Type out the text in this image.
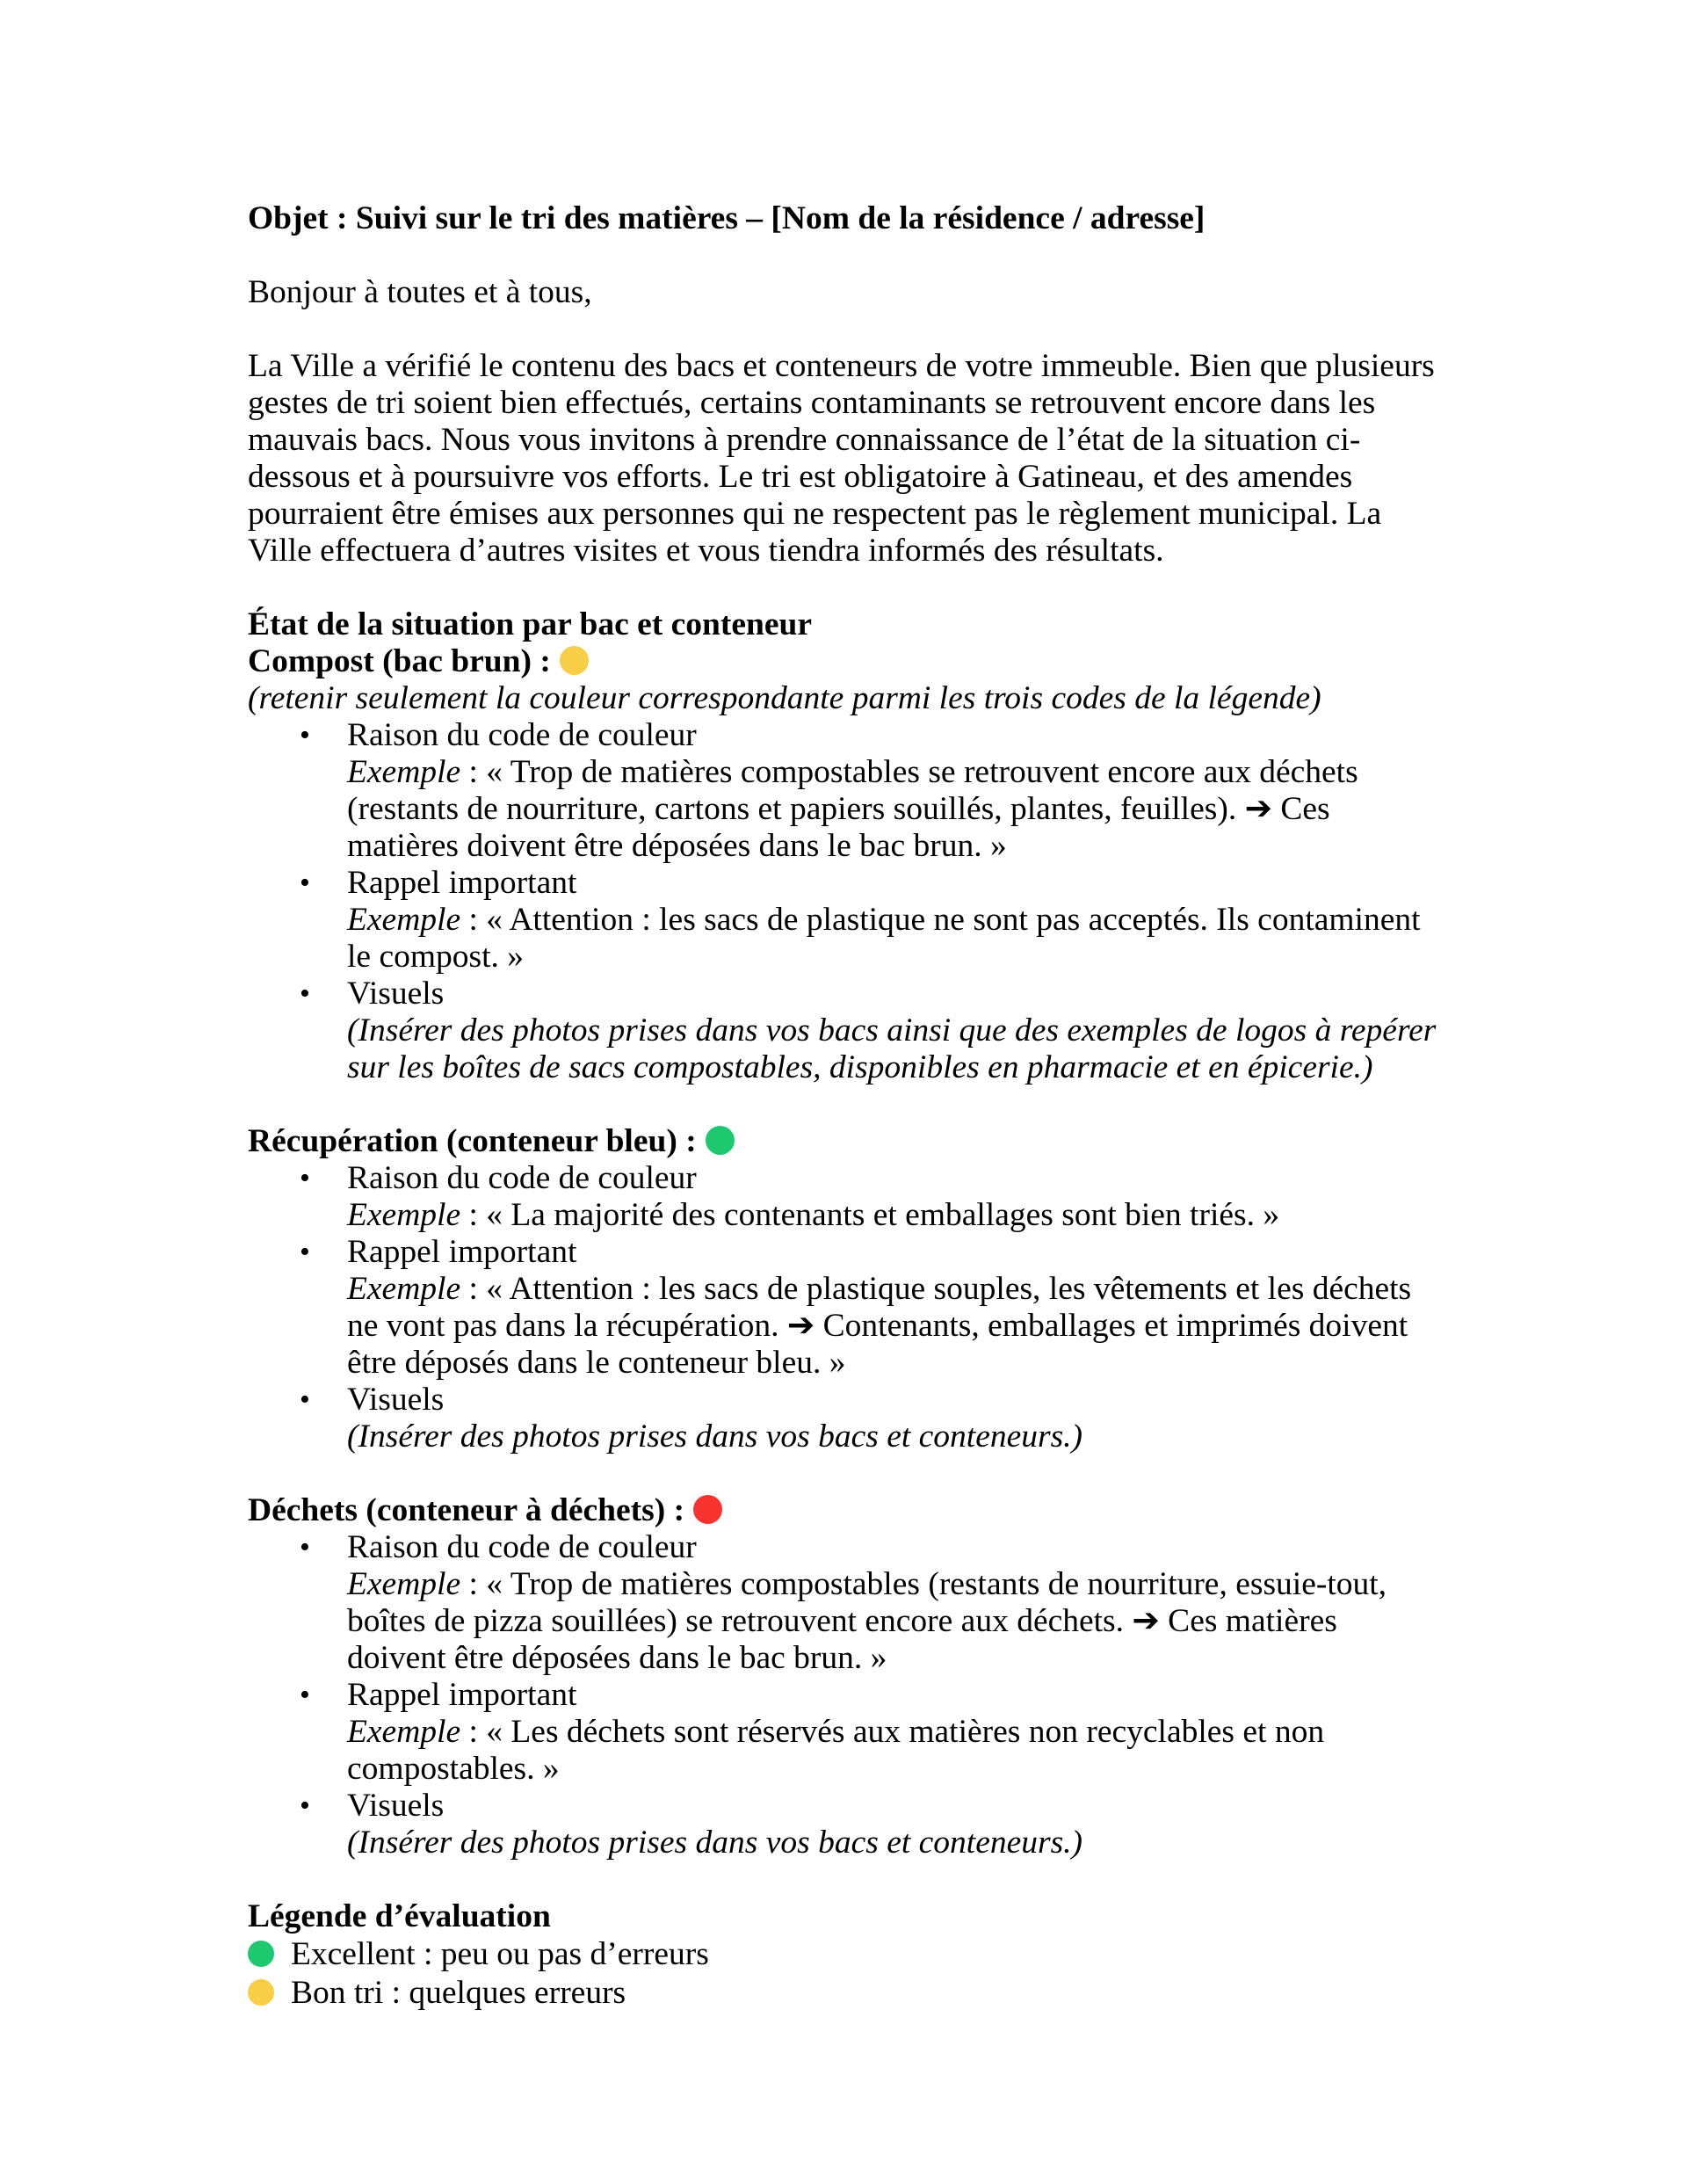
Objet : Suivi sur le tri des matières – [Nom de la résidence / adresse]

Bonjour à toutes et à tous,

La Ville a vérifié le contenu des bacs et conteneurs de votre immeuble. Bien que plusieurs gestes de tri soient bien effectués, certains contaminants se retrouvent encore dans les mauvais bacs. Nous vous invitons à prendre connaissance de l’état de la situation ci-dessous et à poursuivre vos efforts. Le tri est obligatoire à Gatineau, et des amendes pourraient être émises aux personnes qui ne respectent pas le règlement municipal. La Ville effectuera d’autres visites et vous tiendra informés des résultats.

État de la situation par bac et conteneur

Compost (bac brun) :

(retenir seulement la couleur correspondante parmi les trois codes de la légende)

• Raison du code de couleur
Exemple : « Trop de matières compostables se retrouvent encore aux déchets (restants de nourriture, cartons et papiers souillés, plantes, feuilles). ➔ Ces matières doivent être déposées dans le bac brun. »
• Rappel important
Exemple : « Attention : les sacs de plastique ne sont pas acceptés. Ils contaminent le compost. »
• Visuels
(Insérer des photos prises dans vos bacs ainsi que des exemples de logos à repérer sur les boîtes de sacs compostables, disponibles en pharmacie et en épicerie.)

Récupération (conteneur bleu) :

• Raison du code de couleur
Exemple : « La majorité des contenants et emballages sont bien triés. »
• Rappel important
Exemple : « Attention : les sacs de plastique souples, les vêtements et les déchets ne vont pas dans la récupération. ➔ Contenants, emballages et imprimés doivent être déposés dans le conteneur bleu. »
• Visuels
(Insérer des photos prises dans vos bacs et conteneurs.)

Déchets (conteneur à déchets) :

• Raison du code de couleur
Exemple : « Trop de matières compostables (restants de nourriture, essuie-tout, boîtes de pizza souillées) se retrouvent encore aux déchets. ➔ Ces matières doivent être déposées dans le bac brun. »
• Rappel important
Exemple : « Les déchets sont réservés aux matières non recyclables et non compostables. »
• Visuels
(Insérer des photos prises dans vos bacs et conteneurs.)

Légende d’évaluation

Excellent : peu ou pas d’erreurs

Bon tri : quelques erreurs
